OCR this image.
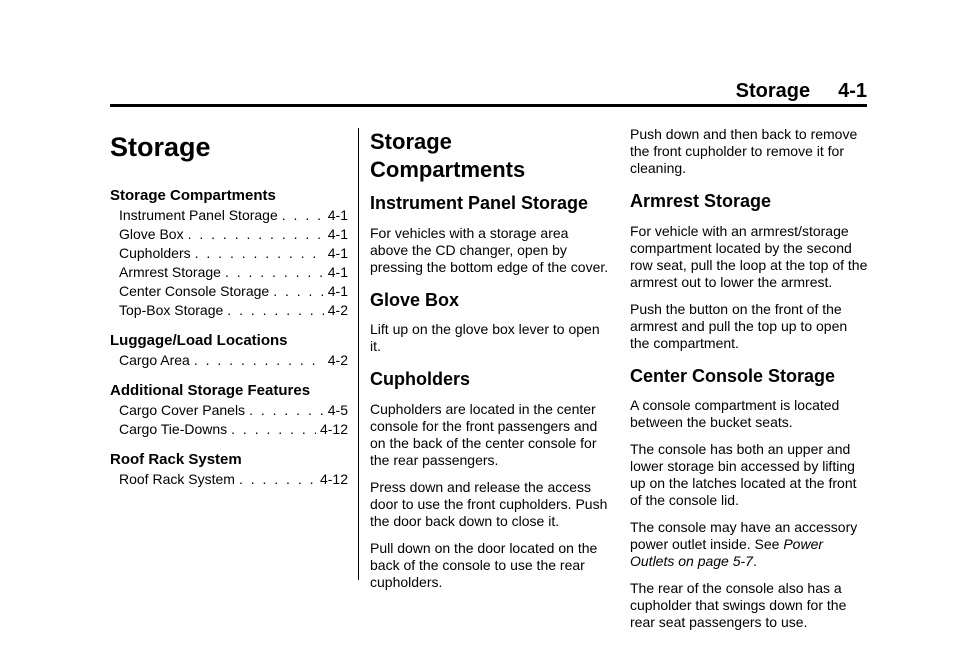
Storage 4-1
Storage
Storage Compartments
Instrument Panel Storage . . .	4-1
Glove Box . . .	4-1
Cupholders . . .	4-1
Armrest Storage . . .	4-1
Center Console Storage . . .	4-1
Top-Box Storage . . .	4-2
Luggage/Load Locations
Cargo Area . . .	4-2
Additional Storage Features
Cargo Cover Panels . . .	4-5
Cargo Tie-Downs . . .	4-12
Roof Rack System
Roof Rack System . . .	4-12
Storage Compartments
Instrument Panel Storage

For vehicles with a storage area above the CD changer, open by pressing the bottom edge of the cover.

Glove Box

Lift up on the glove box lever to open it.

Cupholders

Cupholders are located in the center console for the front passengers and on the back of the center console for the rear passengers.

Press down and release the access door to use the front cupholders. Push the door back down to close it.

Pull down on the door located on the back of the console to use the rear cupholders.

Push down and then back to remove the front cupholder to remove it for cleaning.

Armrest Storage

For vehicle with an armrest/storage compartment located by the second row seat, pull the loop at the top of the armrest out to lower the armrest.

Push the button on the front of the armrest and pull the top up to open the compartment.

Center Console Storage

A console compartment is located between the bucket seats.

The console has both an upper and lower storage bin accessed by lifting up on the latches located at the front of the console lid.

The console may have an accessory power outlet inside. See Power Outlets on page 5-7.

The rear of the console also has a cupholder that swings down for the rear seat passengers to use.
